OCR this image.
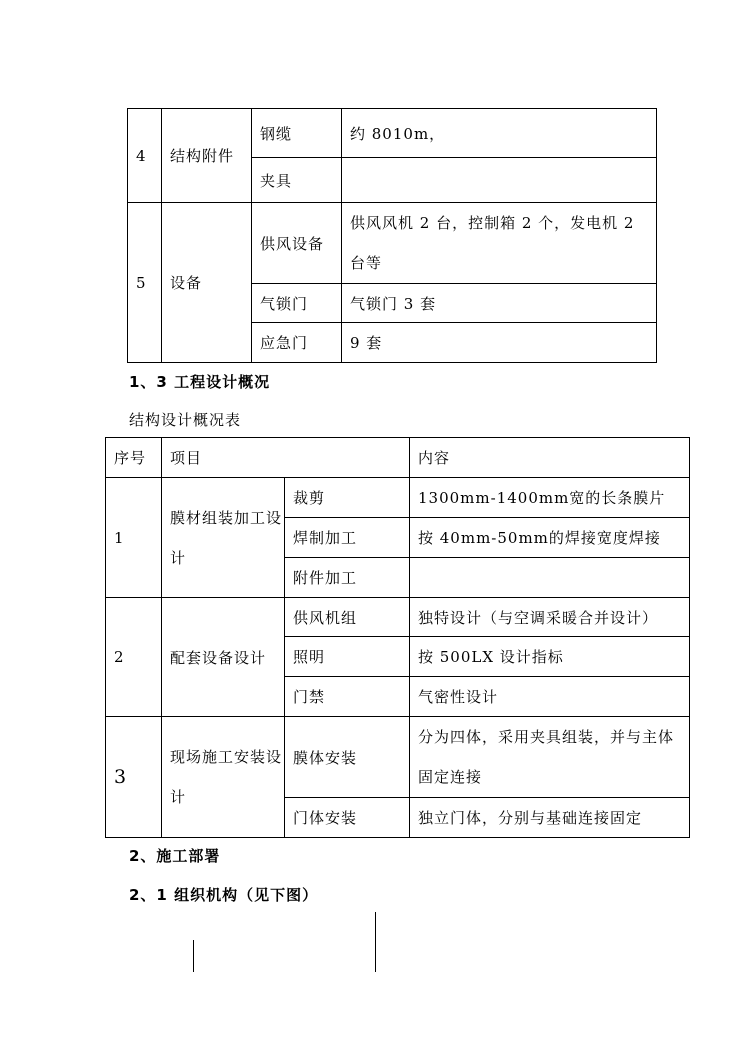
4	结构附件	钢缆	约 8010m，
		夹具	
5	设备	供风设备	供风风机 2 台，控制箱 2 个，发电机 2 台等
		气锁门	气锁门 3 套
		应急门	9 套
1、3 工程设计概况
结构设计概况表
序号	项目		内容
1	膜材组装加工设计	裁剪	1300mm-1400mm宽的长条膜片
		焊制加工	按 40mm-50mm的焊接宽度焊接
		附件加工	
2	配套设备设计	供风机组	独特设计（与空调采暖合并设计）
		照明	按 500LX 设计指标
		门禁	气密性设计
3	现场施工安装设计	膜体安装	分为四体，采用夹具组装，并与主体固定连接
		门体安装	独立门体，分别与基础连接固定
2、施工部署
2、1 组织机构（见下图）
